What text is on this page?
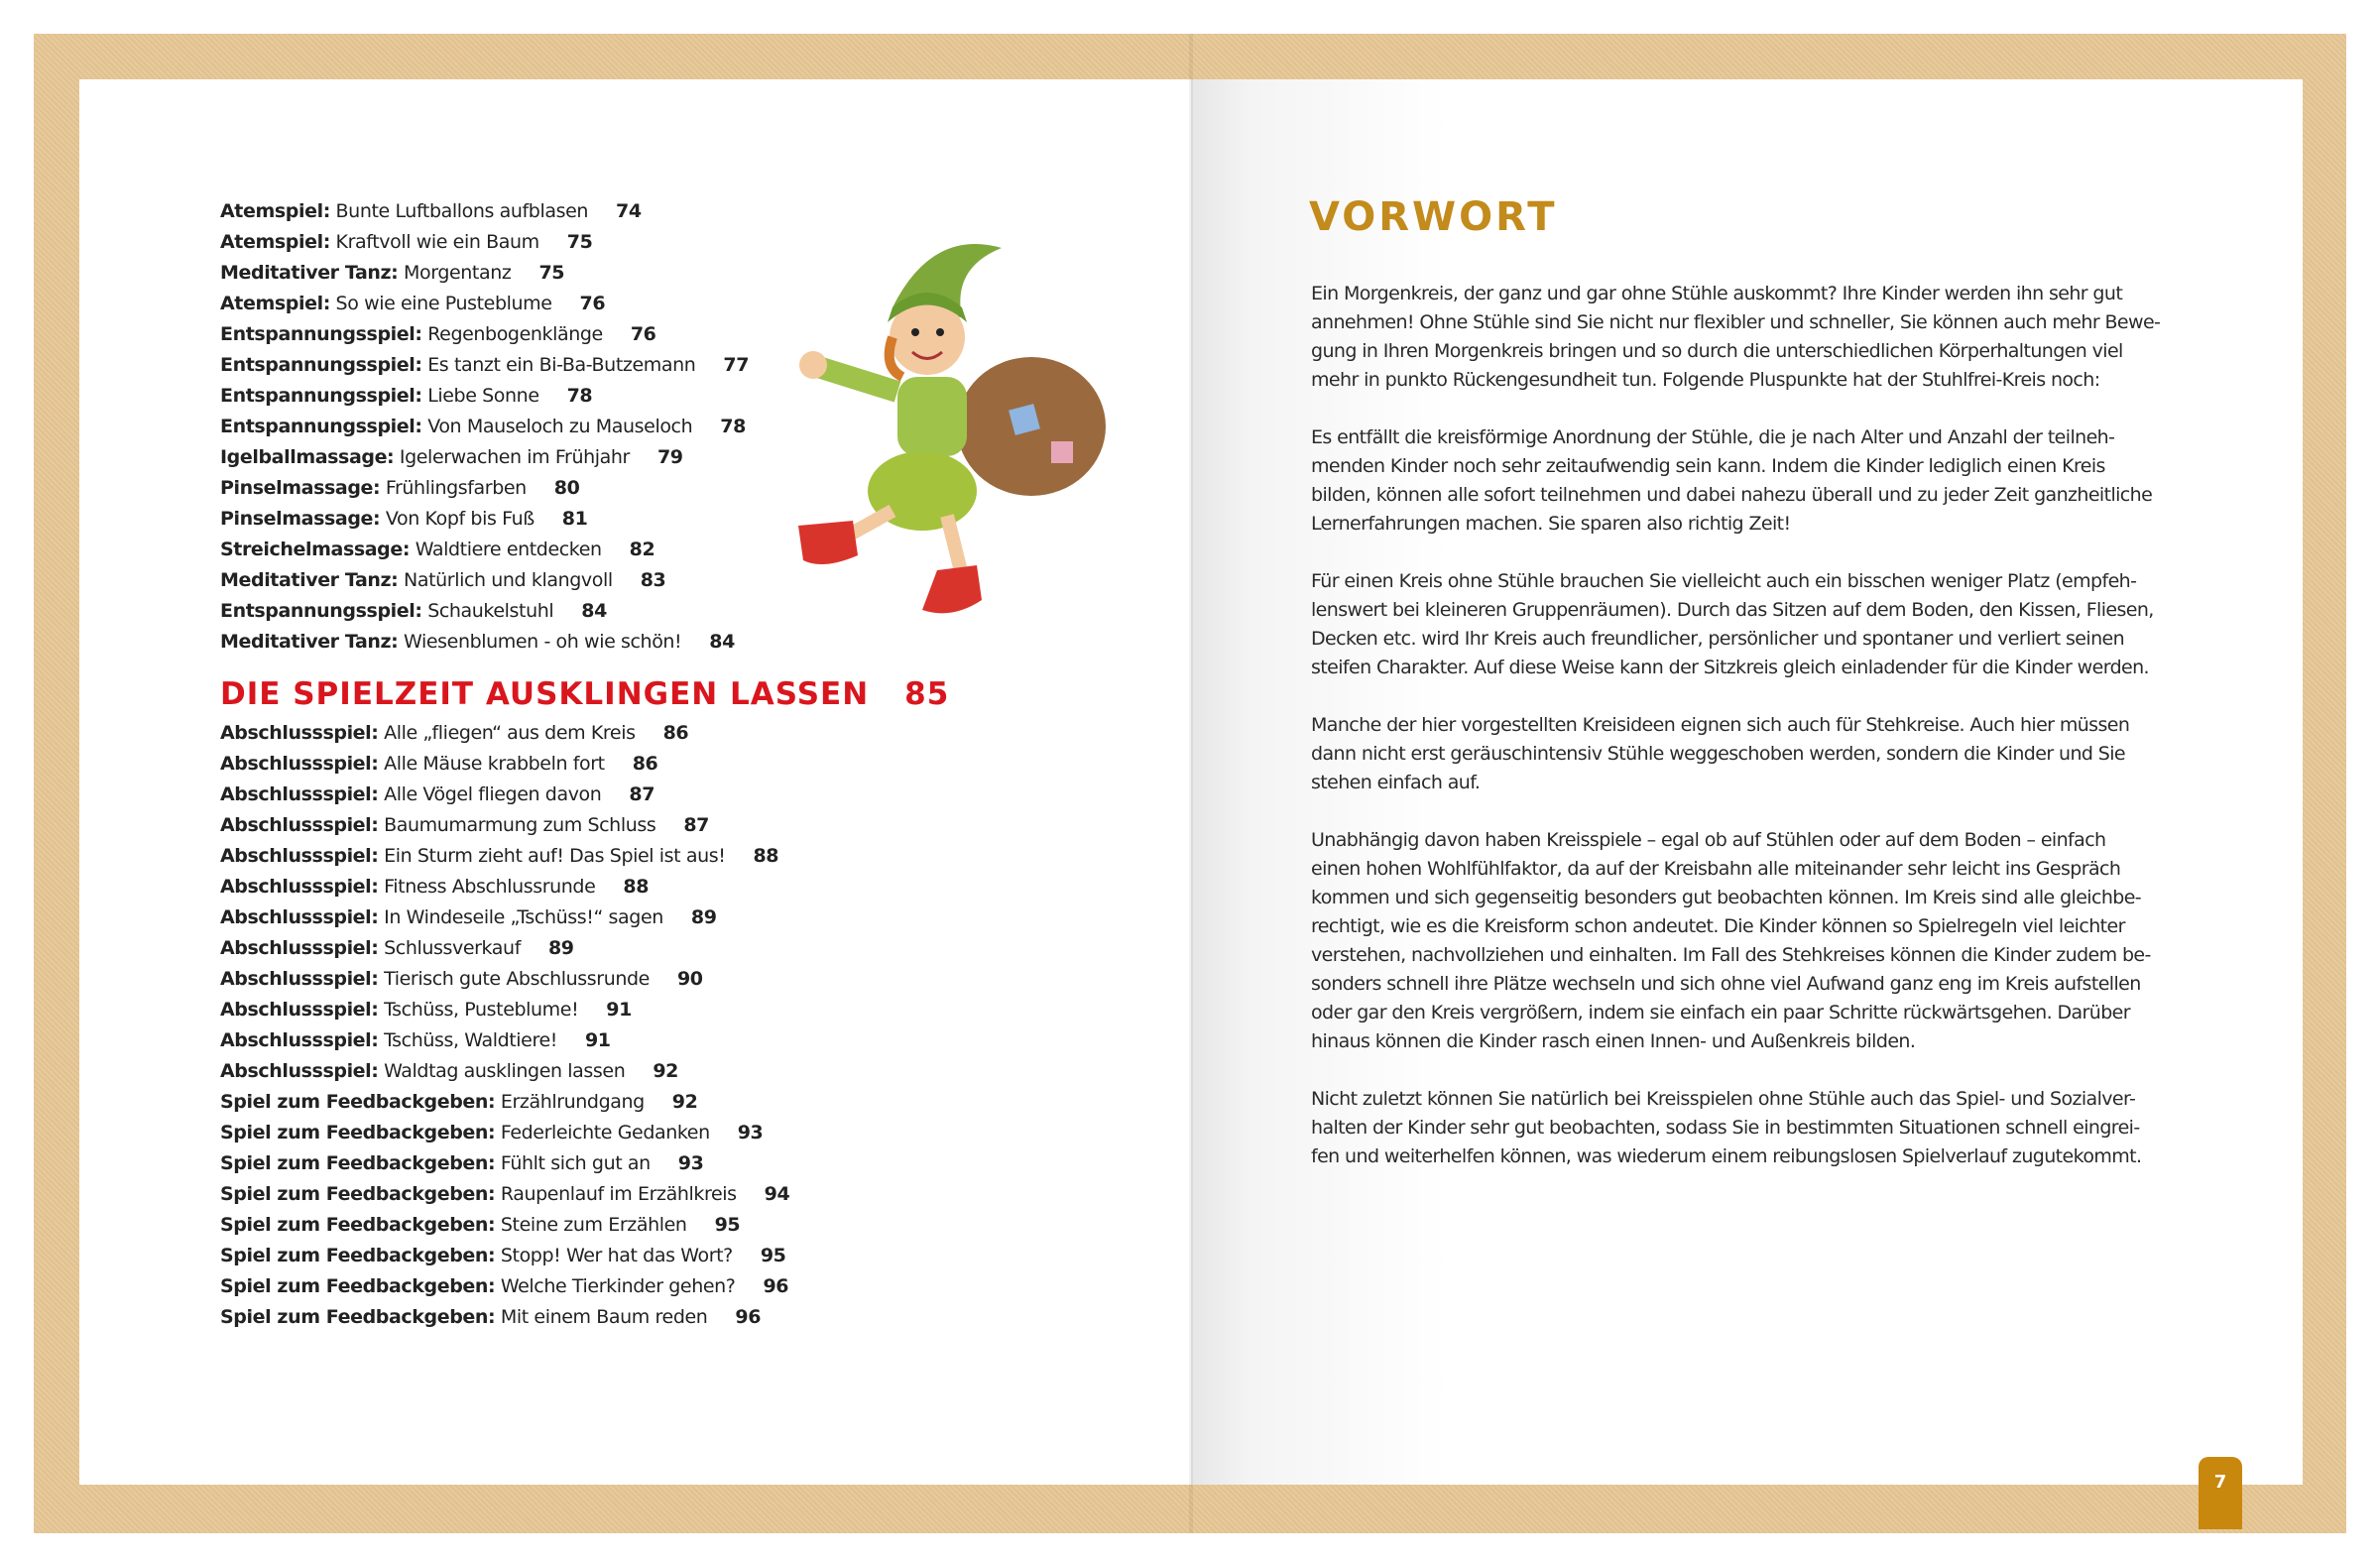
Atemspiel: Bunte Luftballons aufblasen 74
Atemspiel: Kraftvoll wie ein Baum 75
Meditativer Tanz: Morgentanz 75
Atemspiel: So wie eine Pusteblume 76
Entspannungsspiel: Regenbogenklänge 76
Entspannungsspiel: Es tanzt ein Bi-Ba-Butzemann 77
Entspannungsspiel: Liebe Sonne 78
Entspannungsspiel: Von Mauseloch zu Mauseloch 78
Igelballmassage: Igelerwachen im Frühjahr 79
Pinselmassage: Frühlingsfarben 80
Pinselmassage: Von Kopf bis Fuß 81
Streichelmassage: Waldtiere entdecken 82
Meditativer Tanz: Natürlich und klangvoll 83
Entspannungsspiel: Schaukelstuhl 84
Meditativer Tanz: Wiesenblumen - oh wie schön! 84
DIE SPIELZEIT AUSKLINGEN LASSEN 85
Abschlussspiel: Alle „fliegen“ aus dem Kreis 86
Abschlussspiel: Alle Mäuse krabbeln fort 86
Abschlussspiel: Alle Vögel fliegen davon 87
Abschlussspiel: Baumumarmung zum Schluss 87
Abschlussspiel: Ein Sturm zieht auf! Das Spiel ist aus! 88
Abschlussspiel: Fitness Abschlussrunde 88
Abschlussspiel: In Windeseile „Tschüss!“ sagen 89
Abschlussspiel: Schlussverkauf 89
Abschlussspiel: Tierisch gute Abschlussrunde 90
Abschlussspiel: Tschüss, Pusteblume! 91
Abschlussspiel: Tschüss, Waldtiere! 91
Abschlussspiel: Waldtag ausklingen lassen 92
Spiel zum Feedbackgeben: Erzählrundgang 92
Spiel zum Feedbackgeben: Federleichte Gedanken 93
Spiel zum Feedbackgeben: Fühlt sich gut an 93
Spiel zum Feedbackgeben: Raupenlauf im Erzählkreis 94
Spiel zum Feedbackgeben: Steine zum Erzählen 95
Spiel zum Feedbackgeben: Stopp! Wer hat das Wort? 95
Spiel zum Feedbackgeben: Welche Tierkinder gehen? 96
Spiel zum Feedbackgeben: Mit einem Baum reden 96
VORWORT
Ein Morgenkreis, der ganz und gar ohne Stühle auskommt? Ihre Kinder werden ihn sehr gut
annehmen! Ohne Stühle sind Sie nicht nur flexibler und schneller, Sie können auch mehr Bewe-
gung in Ihren Morgenkreis bringen und so durch die unterschiedlichen Körperhaltungen viel
mehr in punkto Rückengesundheit tun. Folgende Pluspunkte hat der Stuhlfrei-Kreis noch:
Es entfällt die kreisförmige Anordnung der Stühle, die je nach Alter und Anzahl der teilneh-
menden Kinder noch sehr zeitaufwendig sein kann. Indem die Kinder lediglich einen Kreis
bilden, können alle sofort teilnehmen und dabei nahezu überall und zu jeder Zeit ganzheitliche
Lernerfahrungen machen. Sie sparen also richtig Zeit!
Für einen Kreis ohne Stühle brauchen Sie vielleicht auch ein bisschen weniger Platz (empfeh-
lenswert bei kleineren Gruppenräumen). Durch das Sitzen auf dem Boden, den Kissen, Fliesen,
Decken etc. wird Ihr Kreis auch freundlicher, persönlicher und spontaner und verliert seinen
steifen Charakter. Auf diese Weise kann der Sitzkreis gleich einladender für die Kinder werden.
Manche der hier vorgestellten Kreisideen eignen sich auch für Stehkreise. Auch hier müssen
dann nicht erst geräuschintensiv Stühle weggeschoben werden, sondern die Kinder und Sie
stehen einfach auf.
Unabhängig davon haben Kreisspiele – egal ob auf Stühlen oder auf dem Boden – einfach
einen hohen Wohlfühlfaktor, da auf der Kreisbahn alle miteinander sehr leicht ins Gespräch
kommen und sich gegenseitig besonders gut beobachten können. Im Kreis sind alle gleichbe-
rechtigt, wie es die Kreisform schon andeutet. Die Kinder können so Spielregeln viel leichter
verstehen, nachvollziehen und einhalten. Im Fall des Stehkreises können die Kinder zudem be-
sonders schnell ihre Plätze wechseln und sich ohne viel Aufwand ganz eng im Kreis aufstellen
oder gar den Kreis vergrößern, indem sie einfach ein paar Schritte rückwärtsgehen. Darüber
hinaus können die Kinder rasch einen Innen- und Außenkreis bilden.
Nicht zuletzt können Sie natürlich bei Kreisspielen ohne Stühle auch das Spiel- und Sozialver-
halten der Kinder sehr gut beobachten, sodass Sie in bestimmten Situationen schnell eingrei-
fen und weiterhelfen können, was wiederum einem reibungslosen Spielverlauf zugutekommt.
7
